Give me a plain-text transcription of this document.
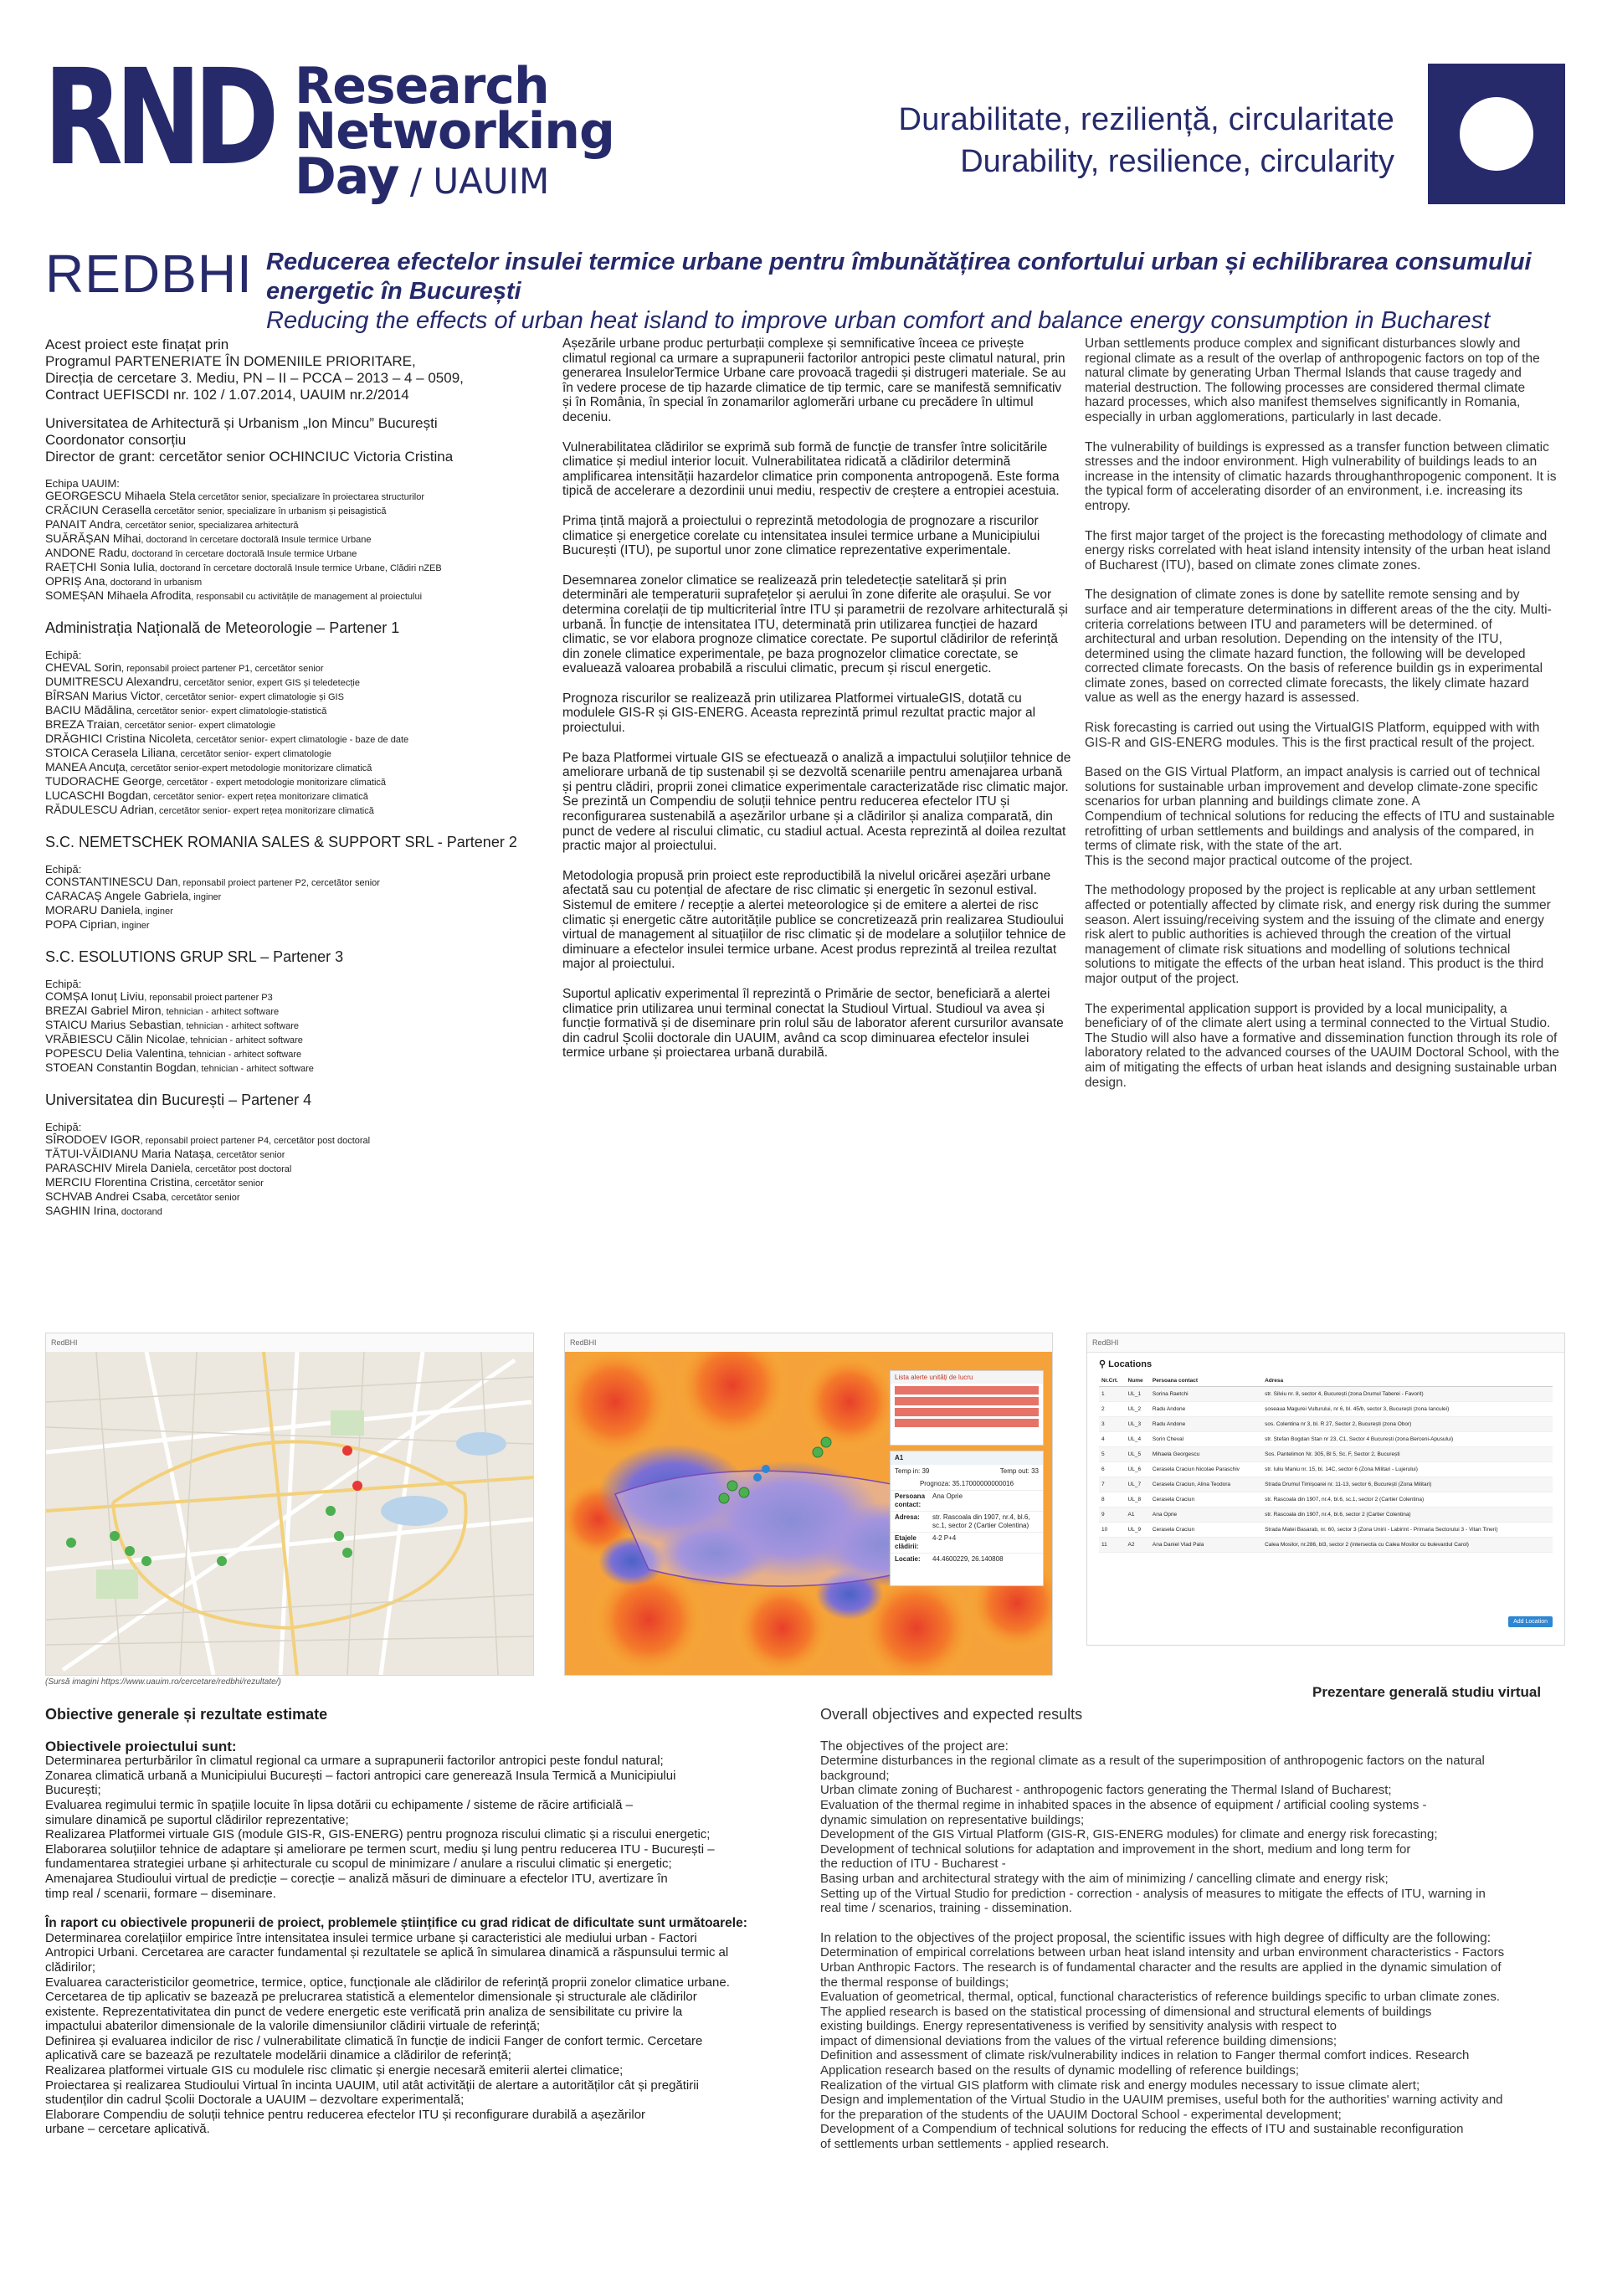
RND Research
Networking
Day / UAUIM
Durabilitate, reziliență, circularitate
Durability, resilience, circularity
REDBHI Reducerea efectelor insulei termice urbane pentru îmbunătățirea confortului urban și echilibrarea consumului energetic în București
Reducing the effects of urban heat island to improve urban comfort and balance energy consumption in Bucharest
Acest proiect este finațat prin
Programul PARTENERIATE ÎN DOMENIILE PRIORITARE,
Direcția de cercetare 3. Mediu, PN – II – PCCA – 2013 – 4 – 0509,
Contract UEFISCDI nr. 102 / 1.07.2014, UAUIM nr.2/2014
Universitatea de Arhitectură și Urbanism „Ion Mincu” București
Coordonator consorțiu
Director de grant: cercetător senior OCHINCIUC Victoria Cristina
Echipa UAUIM:
GEORGESCU Mihaela Stela cercetător senior, specializare în proiectarea structurilor
CRĂCIUN Cerasella cercetător senior, specializare în urbanism și peisagistică
PANAIT Andra, cercetător senior, specializarea arhitectură
SUĂRĂȘAN Mihai, doctorand în cercetare doctorală Insule termice Urbane
ANDONE Radu, doctorand în cercetare doctorală Insule termice Urbane
RAEȚCHI Sonia Iulia, doctorand în cercetare doctorală Insule termice Urbane, Clădiri nZEB
OPRIȘ Ana, doctorand în urbanism
SOMEȘAN Mihaela Afrodita, responsabil cu activitățile de management al proiectului
Administrația Națională de Meteorologie – Partener 1
Echipă:
CHEVAL Sorin, reponsabil proiect partener P1, cercetător senior
DUMITRESCU Alexandru, cercetător senior, expert GIS și teledetecție
BÎRSAN Marius Victor, cercetător senior- expert climatologie și GIS
BACIU Mădălina, cercetător senior- expert climatologie-statistică
BREZA Traian, cercetător senior- expert climatologie
DRĂGHICI Cristina Nicoleta, cercetător senior- expert climatologie - baze de date
STOICA Cerasela Liliana, cercetător senior- expert climatologie
MANEA Ancuța, cercetător senior-expert metodologie monitorizare climatică
TUDORACHE George, cercetător - expert metodologie monitorizare climatică
LUCASCHI Bogdan, cercetător senior- expert rețea monitorizare climatică
RĂDULESCU Adrian, cercetător senior- expert rețea monitorizare climatică
S.C. NEMETSCHEK ROMANIA SALES & SUPPORT SRL - Partener 2
Echipă:
CONSTANTINESCU Dan, reponsabil proiect partener P2, cercetător senior
CARACAȘ Angele Gabriela, inginer
MORARU Daniela, inginer
POPA Ciprian, inginer
S.C. ESOLUTIONS GRUP SRL – Partener 3
Echipă:
COMȘA Ionuț Liviu, reponsabil proiect partener P3
BREZAI Gabriel Miron, tehnician - arhitect software
STAICU Marius Sebastian, tehnician - arhitect software
VRĂBIESCU Călin Nicolae, tehnician - arhitect software
POPESCU Delia Valentina, tehnician - arhitect software
STOEAN Constantin Bogdan, tehnician - arhitect software
Universitatea din București – Partener 4
Echipă:
SÎRODOEV IGOR, reponsabil proiect partener P4, cercetător post doctoral
TĂTUI-VĂIDIANU Maria Natașa, cercetător senior
PARASCHIV Mirela Daniela, cercetător post doctoral
MERCIU Florentina Cristina, cercetător senior
SCHVAB Andrei Csaba, cercetător senior
SAGHIN Irina, doctorand

Așezările urbane produc perturbații complexe și semnificative înceea ce privește climatul regional ca urmare a suprapunerii factorilor antropici peste climatul natural, prin generarea InsulelorTermice Urbane care provoacă tragedii și distrugeri materiale. Se au în vedere procese de tip hazarde climatice de tip termic, care se manifestă semnificativ și în România, în special în zonamarilor aglomerări urbane cu precădere în ultimul deceniu.

Vulnerabilitatea clădirilor se exprimă sub formă de funcție de transfer între solicitările climatice și mediul interior locuit. Vulnerabilitatea ridicată a clădirilor determină amplificarea intensității hazardelor climatice prin componenta antropogenă. Este forma tipică de accelerare a dezordinii unui mediu, respectiv de creștere a entropiei acestuia.

Prima țintă majoră a proiectului o reprezintă metodologia de prognozare a riscurilor climatice și energetice corelate cu intensitatea insulei termice urbane a Municipiului București (ITU), pe suportul unor zone climatice reprezentative experimentale.

Desemnarea zonelor climatice se realizează prin teledetecție satelitară și prin determinări ale temperaturii suprafețelor și aerului în zone diferite ale orașului. Se vor determina corelații de tip multicriterial între ITU și parametrii de rezolvare arhitecturală și urbană. În funcție de intensitatea ITU, determinată prin utilizarea funcției de hazard climatic, se vor elabora prognoze climatice corectate. Pe suportul clădirilor de referință din zonele climatice experimentale, pe baza prognozelor climatice corectate, se evaluează valoarea probabilă a riscului climatic, precum și riscul energetic.

Prognoza riscurilor se realizează prin utilizarea Platformei virtualeGIS, dotată cu modulele GIS-R și GIS-ENERG. Aceasta reprezintă primul rezultat practic major al proiectului.

Pe baza Platformei virtuale GIS se efectuează o analiză a impactului soluțiilor tehnice de ameliorare urbană de tip sustenabil și se dezvoltă scenariile pentru amenajarea urbană și pentru clădiri, proprii zonei climatice experimentale caracterizatăde risc climatic major. Se prezintă un Compendiu de soluții tehnice pentru reducerea efectelor ITU și reconfigurarea sustenabilă a așezărilor urbane și a clădirilor și analiza comparată, din punct de vedere al riscului climatic, cu stadiul actual. Acesta reprezintă al doilea rezultat practic major al proiectului.

Metodologia propusă prin proiect este reproductibilă la nivelul oricărei așezări urbane afectată sau cu potențial de afectare de risc climatic și energetic în sezonul estival. Sistemul de emitere / recepție a alertei meteorologice și de emitere a alertei de risc climatic și energetic către autoritățile publice se concretizează prin realizarea Studioului virtual de management al situațiilor de risc climatic și de modelare a soluțiilor tehnice de diminuare a efectelor insulei termice urbane. Acest produs reprezintă al treilea rezultat major al proiectului.

Suportul aplicativ experimental îl reprezintă o Primărie de sector, beneficiară a alertei climatice prin utilizarea unui terminal conectat la Studioul Virtual. Studioul va avea și funcție formativă și de diseminare prin rolul său de laborator aferent cursurilor avansate din cadrul Școlii doctorale din UAUIM, având ca scop diminuarea efectelor insulei termice urbane și proiectarea urbană durabilă.

Urban settlements produce complex and significant disturbances slowly and regional climate as a result of the overlap of anthropogenic factors on top of the natural climate by generating Urban Thermal Islands that cause tragedy and material destruction. The following processes are considered thermal climate hazard processes, which also manifest themselves significantly in Romania, especially in urban agglomerations, particularly in last decade.

The vulnerability of buildings is expressed as a transfer function between climatic stresses and the indoor environment. High vulnerability of buildings leads to an increase in the intensity of climatic hazards throughanthropogenic component. It is the typical form of accelerating disorder of an environment, i.e. increasing its entropy.

The first major target of the project is the forecasting methodology of climate and energy risks correlated with heat island intensity intensity of the urban heat island of Bucharest (ITU), based on climate zones climate zones.

The designation of climate zones is done by satellite remote sensing and by surface and air temperature determinations in different areas of the the city. Multi-criteria correlations between ITU and parameters will be determined. of architectural and urban resolution. Depending on the intensity of the ITU, determined using the climate hazard function, the following will be developed corrected climate forecasts. On the basis of reference buildin gs in experimental climate zones, based on corrected climate forecasts, the likely climate hazard value as well as the energy hazard is assessed.

Risk forecasting is carried out using the VirtualGIS Platform, equipped with with GIS-R and GIS-ENERG modules. This is the first practical result of the project.

Based on the GIS Virtual Platform, an impact analysis is carried out of technical solutions for sustainable urban improvement and develop climate-zone specific scenarios for urban planning and buildings climate zone. A
Compendium of technical solutions for reducing the effects of ITU and sustainable retrofitting of urban settlements and buildings and analysis of the compared, in terms of climate risk, with the state of the art.
This is the second major practical outcome of the project.

The methodology proposed by the project is replicable at any urban settlement affected or potentially affected by climate risk, and energy risk during the summer season. Alert issuing/receiving system and the issuing of the climate and energy risk alert to public authorities is achieved through the creation of the virtual management of climate risk situations and modelling of solutions technical solutions to mitigate the effects of the urban heat island. This product is the third major output of the project.

The experimental application support is provided by a local municipality, a beneficiary of of the climate alert using a terminal connected to the Virtual Studio. The Studio will also have a formative and dissemination function through its role of laboratory related to the advanced courses of the UAUIM Doctoral School, with the aim of mitigating the effects of urban heat islands and designing sustainable urban design.

RedBHI	RedBHI
Lista alerte unități de lucru
A1
Temp in: 39	Temp out: 33
Prognoza: 35.17000000000016
Persoana contact:
Ana Oprie
Adresa:	str. Rascoala din 1907, nr.4, bl.6, sc.1, sector 2 (Cartier Colentina)
Etajele clădirii:
4-2 P+4
Locatie:	44.4600229, 26.140808
RedBHI
⚲ Locations
Nr.Crt.	Nume	Persoana contact	Adresa
1	UL_1	Sorina Raetchi	str. Silviu nr. 8, sector 4, București (zona Drumul Taberei - Favorit)
2	UL_2	Radu Andone	șoseaua Magurei Vulturului, nr 6, bl. 45/b, sector 3, București (zona Ianculei)
3	UL_3	Radu Andone	sos. Colentina nr 3, bl. R 27, Sector 2, București (zona Obor)
4	UL_4	Sorin Cheval	str. Ștefan Bogdan Stan nr 23, C1, Sector 4 București (zona Berceni-Apusului)
5	UL_5	Mihaela Georgescu	Sos. Pantelimon Nr. 305, Bl 5, Sc. F, Sector 2, București
6	UL_6	Cerasela Craciun Nicolae Paraschiv	str. Iuliu Maniu nr. 15, bl. 14C, sector 6 (Zona Militari - Lujerului)
7	UL_7	Cerasela Craciun, Alina Teodora	Strada Drumul Timișoarei nr. 11-13, sector 6, București (Zona Militari)
8	UL_8	Cerasela Craciun	str. Rascoala din 1907, nr.4, bl.6, sc.1, sector 2 (Cartier Colentina)
9	A1	Ana Oprie	str. Rascoala din 1907, nr.4, bl.6, sector 2 (Cartier Colentina)
10	UL_9	Cerasela Craciun	Strada Matei Basarab, nr. 60, sector 3 (Zona Unirii - Labirint - Primaria Sectorului 3 - Vitan Tineri)
11	A2	Ana Daniel Vlad Pala	Calea Mosilor, nr.286, bl3, sector 2 (intersectia cu Calea Mosilor cu bulevardul Carol)
Add Location
(Sursă imagini https://www.uauim.ro/cercetare/redbhi/rezultate/)
Prezentare generală studiu virtual
Obiective generale și rezultate estimate
Obiectivele proiectului sunt:
Determinarea perturbărilor în climatul regional ca urmare a suprapunerii factorilor antropici peste fondul natural;
Zonarea climatică urbană a Municipiului București – factori antropici care generează Insula Termică a Municipiului
București;
Evaluarea regimului termic în spațiile locuite în lipsa dotării cu echipamente / sisteme de răcire artificială –
simulare dinamică pe suportul clădirilor reprezentative;
Realizarea Platformei virtuale GIS (module GIS-R, GIS-ENERG) pentru prognoza riscului climatic și a riscului energetic;
Elaborarea soluțiilor tehnice de adaptare și ameliorare pe termen scurt, mediu și lung pentru reducerea ITU - București –
fundamentarea strategiei urbane și arhitecturale cu scopul de minimizare / anulare a riscului climatic și energetic;
Amenajarea Studioului virtual de predicție – corecție – analiză măsuri de diminuare a efectelor ITU, avertizare în
timp real / scenarii, formare – diseminare.
În raport cu obiectivele propunerii de proiect, problemele științifice cu grad ridicat de dificultate sunt următoarele:
Determinarea corelațiilor empirice între intensitatea insulei termice urbane și caracteristici ale mediului urban - Factori
Antropici Urbani. Cercetarea are caracter fundamental și rezultatele se aplică în simularea dinamică a răspunsului termic al
clădirilor;
Evaluarea caracteristicilor geometrice, termice, optice, funcționale ale clădirilor de referință proprii zonelor climatice urbane.
Cercetarea de tip aplicativ se bazează pe prelucrarea statistică a elementelor dimensionale și structurale ale clădirilor
existente. Reprezentativitatea din punct de vedere energetic este verificată prin analiza de sensibilitate cu privire la
impactului abaterilor dimensionale de la valorile dimensiunilor clădirii virtuale de referință;
Definirea și evaluarea indicilor de risc / vulnerabilitate climatică în funcție de indicii Fanger de confort termic. Cercetare
aplicativă care se bazează pe rezultatele modelării dinamice a clădirilor de referință;
Realizarea platformei virtuale GIS cu modulele risc climatic și energie necesară emiterii alertei climatice;
Proiectarea și realizarea Studioului Virtual în incinta UAUIM, util atât activității de alertare a autorităților cât și pregătirii
studenților din cadrul Școlii Doctorale a UAUIM – dezvoltare experimentală;
Elaborare Compendiu de soluții tehnice pentru reducerea efectelor ITU și reconfigurare durabilă a așezărilor
urbane – cercetare aplicativă.
Overall objectives and expected results
The objectives of the project are:
Determine disturbances in the regional climate as a result of the superimposition of anthropogenic factors on the natural
background;
Urban climate zoning of Bucharest - anthropogenic factors generating the Thermal Island of Bucharest;
Evaluation of the thermal regime in inhabited spaces in the absence of equipment / artificial cooling systems -
dynamic simulation on representative buildings;
Development of the GIS Virtual Platform (GIS-R, GIS-ENERG modules) for climate and energy risk forecasting;
Development of technical solutions for adaptation and improvement in the short, medium and long term for
the reduction of ITU - Bucharest -
Basing urban and architectural strategy with the aim of minimizing / cancelling climate and energy risk;
Setting up of the Virtual Studio for prediction - correction - analysis of measures to mitigate the effects of ITU, warning in
real time / scenarios, training - dissemination.
In relation to the objectives of the project proposal, the scientific issues with high degree of difficulty are the following:
Determination of empirical correlations between urban heat island intensity and urban environment characteristics - Factors
Urban Anthropic Factors. The research is of fundamental character and the results are applied in the dynamic simulation of
the thermal response of buildings;
Evaluation of geometrical, thermal, optical, functional characteristics of reference buildings specific to urban climate zones.
The applied research is based on the statistical processing of dimensional and structural elements of buildings
existing buildings. Energy representativeness is verified by sensitivity analysis with respect to
impact of dimensional deviations from the values of the virtual reference building dimensions;
Definition and assessment of climate risk/vulnerability indices in relation to Fanger thermal comfort indices. Research
Application research based on the results of dynamic modelling of reference buildings;
Realization of the virtual GIS platform with climate risk and energy modules necessary to issue climate alert;
Design and implementation of the Virtual Studio in the UAUIM premises, useful both for the authorities' warning activity and
for the preparation of the students of the UAUIM Doctoral School - experimental development;
Development of a Compendium of technical solutions for reducing the effects of ITU and sustainable reconfiguration
of settlements urban settlements - applied research.
